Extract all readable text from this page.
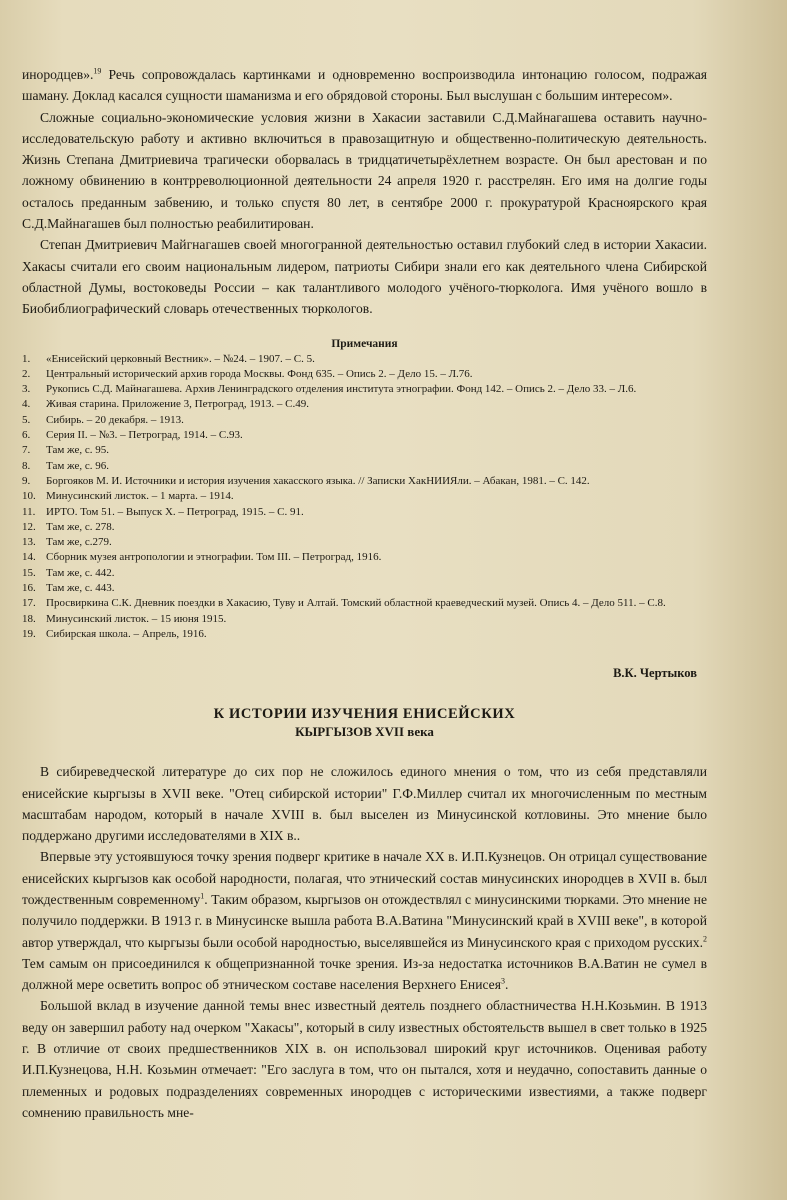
инородцев».$^{19}$ Речь сопровождалась картинками и одновременно воспроизводила интонацию голосом, подражая шаману. Доклад касался сущности шаманизма и его обрядовой стороны. Был выслушан с большим интересом».

Сложные социально-экономические условия жизни в Хакасии заставили С.Д.Майнагашева оставить научно-исследовательскую работу и активно включиться в правозащитную и общественно-политическую деятельность. Жизнь Степана Дмитриевича трагически оборвалась в тридцатичетырёхлетнем возрасте. Он был арестован и по ложному обвинению в контрреволюционной деятельности 24 апреля 1920 г. расстрелян. Его имя на долгие годы осталось преданным забвению, и только спустя 80 лет, в сентябре 2000 г. прокуратурой Красноярского края С.Д.Майнагашев был полностью реабилитирован.

Степан Дмитриевич Майгнагашев своей многогранной деятельностью оставил глубокий след в истории Хакасии. Хакасы считали его своим национальным лидером, патриоты Сибири знали его как деятельного члена Сибирской областной Думы, востоковеды России – как талантливого молодого учёного-тюрколога. Имя учёного вошло в Биобиблиографический словарь отечественных тюркологов.

Примечания
1.	«Енисейский церковный Вестник». – №24. – 1907. – С. 5.
2.	Центральный исторический архив города Москвы. Фонд 635. – Опись 2. – Дело 15. – Л.76.
3.	Рукопись С.Д. Майнагашева. Архив Ленинградского отделения института этнографии. Фонд 142. – Опись 2. – Дело 33. – Л.6.
4.	Живая старина. Приложение 3, Петроград, 1913. – С.49.
5.	Сибирь. – 20 декабря. – 1913.
6.	Серия II. – №3. – Петроград, 1914. – С.93.
7.	Там же, с. 95.
8.	Там же, с. 96.
9.	Боргояков М. И. Источники и история изучения хакасского языка. // Записки ХакНИИЯли. – Абакан, 1981. – С. 142.
10. Минусинский листок. – 1 марта. – 1914.
11. ИРТО. Том 51. – Выпуск X. – Петроград, 1915. – С. 91.
12. Там же, с. 278.
13. Там же, с.279.
14. Сборник музея антропологии и этнографии. Том III. – Петроград, 1916.
15. Там же, с. 442.
16. Там же, с. 443.
17. Просвиркина С.К. Дневник поездки в Хакасию, Туву и Алтай. Томский областной краеведческий музей. Опись 4. – Дело 511. – С.8.
18. Минусинский листок. – 15 июня 1915.
19. Сибирская школа. – Апрель, 1916.
В.К. Чертыков
К ИСТОРИИ ИЗУЧЕНИЯ ЕНИСЕЙСКИХ
КЫРГЫЗОВ XVII века

В сибиреведческой литературе до сих пор не сложилось единого мнения о том, что из себя представляли енисейские кыргызы в XVII веке. "Отец сибирской истории" Г.Ф.Миллер считал их многочисленным по местным масштабам народом, который в начале XVIII в. был выселен из Минусинской котловины. Это мнение было поддержано другими исследователями в XIX в..

Впервые эту устоявшуюся точку зрения подверг критике в начале XX в. И.П.Кузнецов. Он отрицал существование енисейских кыргызов как особой народности, полагая, что этнический состав минусинских инородцев в XVII в. был тождественным современному$^1$. Таким образом, кыргызов он отождествлял с минусинскими тюрками. Это мнение не получило поддержки. В 1913 г. в Минусинске вышла работа В.А.Ватина "Минусинский край в XVIII веке", в которой автор утверждал, что кыргызы были особой народностью, выселявшейся из Минусинского края с приходом русских.$^2$ Тем самым он присоединился к общепризнанной точке зрения. Из-за недостатка источников В.А.Ватин не сумел в должной мере осветить вопрос об этническом составе населения Верхнего Енисея$^3$.

Большой вклад в изучение данной темы внес известный деятель позднего областничества Н.Н.Козьмин. В 1913 веду он завершил работу над очерком "Хакасы", который в силу известных обстоятельств вышел в свет только в 1925 г. В отличие от своих предшественников XIX в. он использовал широкий круг источников. Оценивая работу И.П.Кузнецова, Н.Н. Козьмин отмечает: "Его заслуга в том, что он пытался, хотя и неудачно, сопоставить данные о племенных и родовых подразделениях современных инородцев с историческими известиями, а также подверг сомнению правильность мне-
